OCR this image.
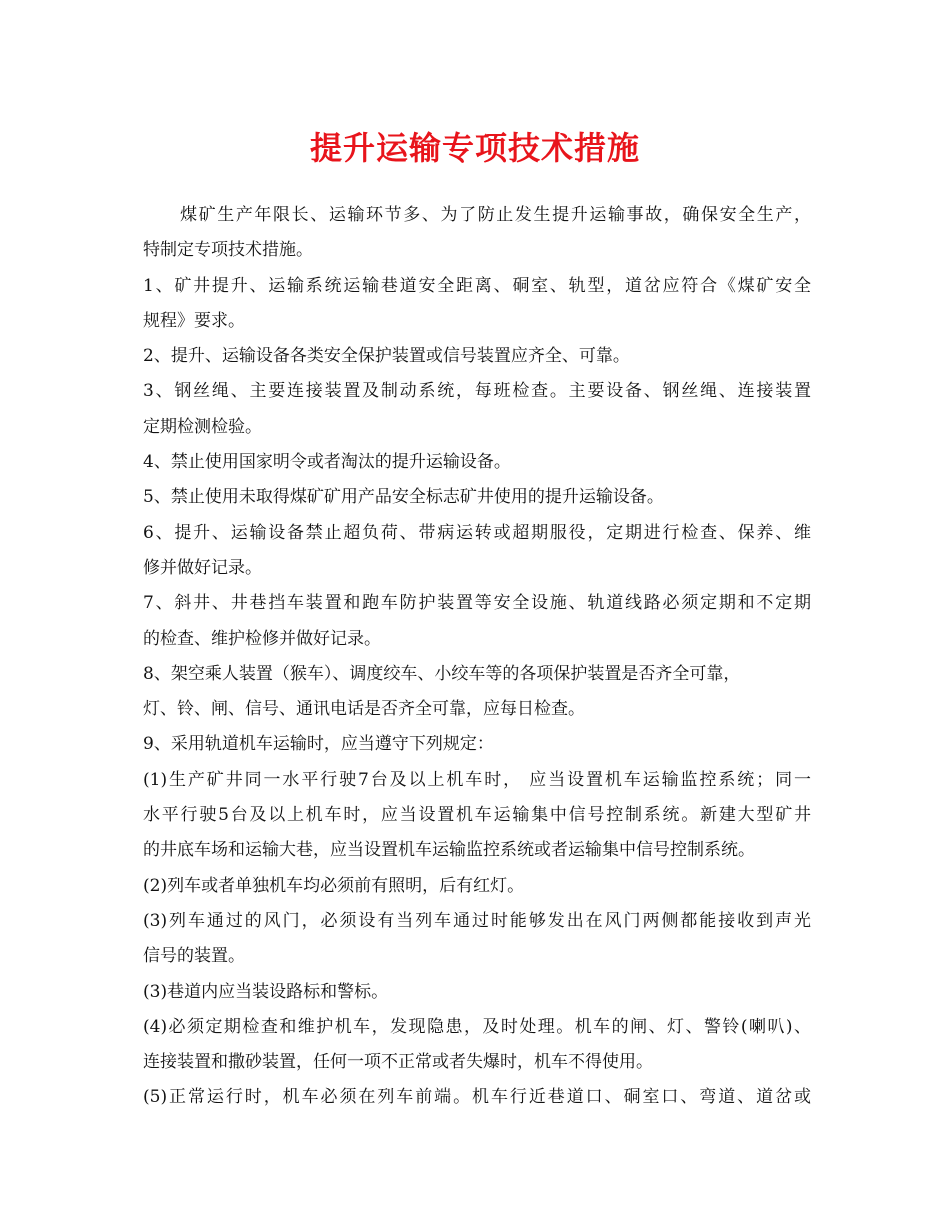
提升运输专项技术措施
煤矿生产年限长、运输环节多、为了防止发生提升运输事故，确保安全生产，
特制定专项技术措施。
1、矿井提升、运输系统运输巷道安全距离、硐室、轨型，道岔应符合《煤矿安全
规程》要求。
2、提升、运输设备各类安全保护装置或信号装置应齐全、可靠。
3、钢丝绳、主要连接装置及制动系统，每班检查。主要设备、钢丝绳、连接装置
定期检测检验。
4、禁止使用国家明令或者淘汰的提升运输设备。
5、禁止使用未取得煤矿矿用产品安全标志矿井使用的提升运输设备。
6、提升、运输设备禁止超负荷、带病运转或超期服役，定期进行检查、保养、维
修并做好记录。
7、斜井、井巷挡车装置和跑车防护装置等安全设施、轨道线路必须定期和不定期
的检查、维护检修并做好记录。
8、架空乘人装置（猴车）、调度绞车、小绞车等的各项保护装置是否齐全可靠，
灯、铃、闸、信号、通讯电话是否齐全可靠，应每日检查。
9、采用轨道机车运输时，应当遵守下列规定：
(1)生产矿井同一水平行驶7台及以上机车时， 应当设置机车运输监控系统；同一
水平行驶5台及以上机车时，应当设置机车运输集中信号控制系统。新建大型矿井
的井底车场和运输大巷，应当设置机车运输监控系统或者运输集中信号控制系统。
(2)列车或者单独机车均必须前有照明，后有红灯。
(3)列车通过的风门，必须设有当列车通过时能够发出在风门两侧都能接收到声光
信号的装置。
(3)巷道内应当装设路标和警标。
(4)必须定期检查和维护机车，发现隐患，及时处理。机车的闸、灯、警铃(喇叭)、
连接装置和撒砂装置，任何一项不正常或者失爆时，机车不得使用。
(5)正常运行时，机车必须在列车前端。机车行近巷道口、硐室口、弯道、道岔或
